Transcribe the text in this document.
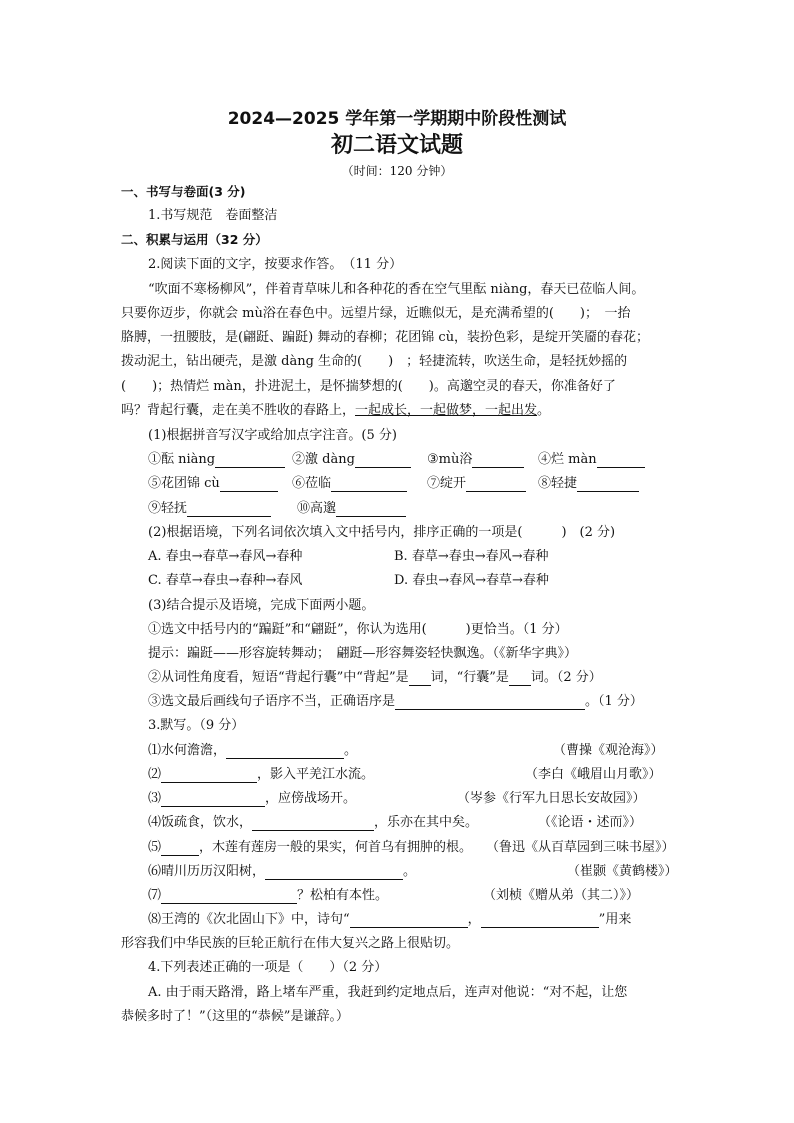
2024—2025 学年第一学期期中阶段性测试
初二语文试题
（时间：120 分钟）
一、书写与卷面(3 分)
1.书写规范　卷面整洁
二、积累与运用（32 分）
2.阅读下面的文字，按要求作答。　（11 分）
“吹面不寒杨柳风”，伴着青草味儿和各种花的香在空气里酝 niàng，春天已莅临人间。
只要你迈步，你就会 mù浴在春色中。远望片绿，近瞧似无，是充满希望的(　　)；　一抬
胳膊，一扭腰肢，是(翩跹、蹁跹) 舞动的春柳；花团锦 cù，装扮色彩，是绽开笑靥的春花；
拨动泥土，钻出硬壳，是激 dàng 生命的(　　)　；轻捷流转，吹送生命，是轻抚妙摇的
(　　)；热情烂 màn，扑进泥土，是怀揣梦想的(　　)。高邈空灵的春天，你准备好了
吗？背起行囊，走在美不胜收的春路上，一起成长，一起做梦，一起出发。
(1)根据拼音写汉字或给加点字注音。(5 分)
①酝 niàng	②激 dàng	③mù浴	④烂 màn
⑤花团锦 cù	⑥莅临	⑦绽开	⑧轻捷
⑨轻抚	⑩高邈
(2)根据语境，下列名词依次填入文中括号内，排序正确的一项是(　　　)　(2 分)
A. 春虫→春草→春风→春种	B. 春草→春虫→春风→春种
C. 春草→春虫→春种→春风	D. 春虫→春风→春草→春种
(3)结合提示及语境，完成下面两小题。
①选文中括号内的“蹁跹”和“翩跹”，你认为选用(　　　)更恰当。（1 分）
提示：蹁跹——形容旋转舞动；　翩跹—形容舞姿轻快飘逸。（《新华字典》）
②从词性角度看，短语“背起行囊”中“背起”是 词，“行囊”是 词。（2 分）
③选文最后画线句子语序不当，正确语序是	。（1 分）
3.默写。（9 分）
⑴水何澹澹，	。	（曹操《观沧海》）
⑵	，影入平羌江水流。	（李白《峨眉山月歌》）
⑶	，应傍战场开。	（岑参《行军九日思长安故园》）
⑷饭疏食，饮水，	，乐亦在其中矣。	（《论语・述而》）
⑸	，木莲有莲房一般的果实，何首乌有拥肿的根。 （鲁迅《从百草园到三味书屋》）
⑹晴川历历汉阳树，	。	（崔颢《黄鹤楼》）
⑺	？松柏有本性。	（刘桢《赠从弟（其二）》）
⑻王湾的《次北固山下》中，诗句“	，	”用来
形容我们中华民族的巨轮正航行在伟大复兴之路上很贴切。
4.下列表述正确的一项是（　　）（2 分）
A. 由于雨天路滑，路上堵车严重，我赶到约定地点后，连声对他说：“对不起，让您
恭候多时了！”（这里的“恭候”是谦辞。）
